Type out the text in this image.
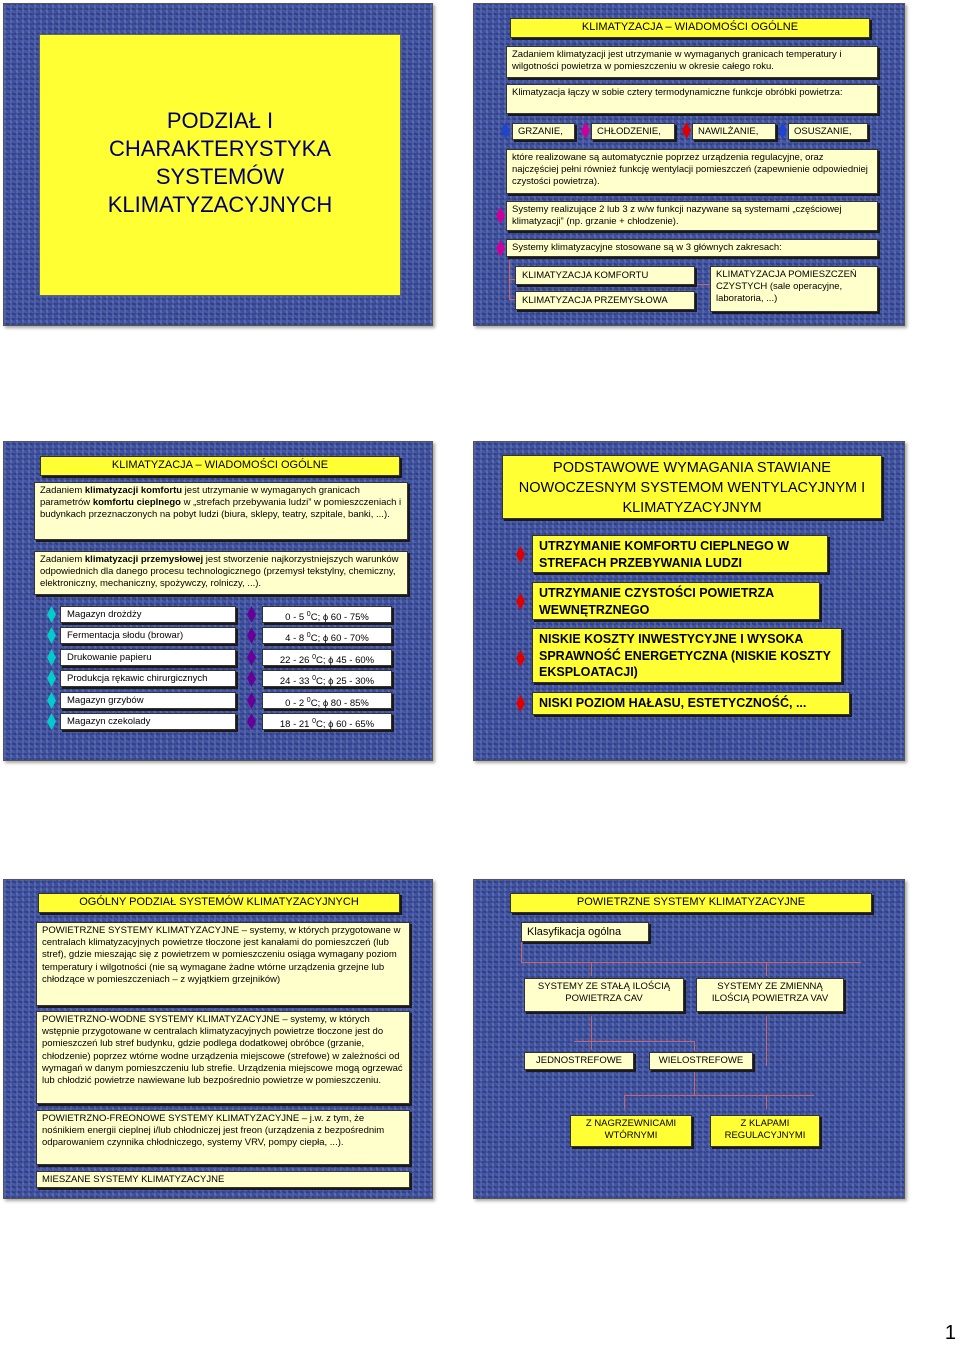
PODZIAŁ I CHARAKTERYSTYKA SYSTEMÓW KLIMATYZACYJNYCH
KLIMATYZACJA – WIADOMOŚCI OGÓLNE
Zadaniem klimatyzacji jest utrzymanie w wymaganych granicach temperatury i wilgotności powietrza w pomieszczeniu w okresie całego roku.
Klimatyzacja łączy w sobie cztery termodynamiczne funkcje obróbki powietrza:
GRZANIE,	CHŁODZENIE,	NAWILŻANIE,	OSUSZANIE,
które realizowane są automatycznie poprzez urządzenia regulacyjne, oraz najczęściej pełni również funkcję wentylacji pomieszczeń (zapewnienie odpowiedniej czystości powietrza).
Systemy realizujące 2 lub 3 z w/w funkcji nazywane są systemami „częściowej klimatyzacji” (np. grzanie + chłodzenie).
Systemy klimatyzacyjne stosowane są w 3 głównych zakresach:
KLIMATYZACJA KOMFORTU
KLIMATYZACJA PRZEMYSŁOWA
KLIMATYZACJA POMIESZCZEŃ CZYSTYCH (sale operacyjne, laboratoria, ...)
KLIMATYZACJA – WIADOMOŚCI OGÓLNE
Zadaniem klimatyzacji komfortu jest utrzymanie w wymaganych granicach parametrów komfortu cieplnego w „strefach przebywania ludzi” w pomieszczeniach i budynkach przeznaczonych na pobyt ludzi (biura, sklepy, teatry, szpitale, banki, ...).
Zadaniem klimatyzacji przemysłowej jest stworzenie najkorzystniejszych warunków odpowiednich dla danego procesu technologicznego (przemysł tekstylny, chemiczny, elektroniczny, mechaniczny, spożywczy, rolniczy, ...).
Magazyn drożdży	0 - 5 $^0$C; ϕ 60 - 75%
Fermentacja słodu (browar)	4 - 8 $^0$C; ϕ 60 - 70%
Drukowanie papieru	22 - 26 $^0$C; ϕ 45 - 60%
Produkcja rękawic chirurgicznych	24 - 33 $^0$C; ϕ 25 - 30%
Magazyn grzybów	0 - 2 $^0$C; ϕ 80 - 85%
Magazyn czekolady	18 - 21 $^0$C; ϕ 60 - 65%
PODSTAWOWE WYMAGANIA STAWIANE NOWOCZESNYM SYSTEMOM WENTYLACYJNYM I KLIMATYZACYJNYM
UTRZYMANIE KOMFORTU CIEPLNEGO W STREFACH PRZEBYWANIA LUDZI
UTRZYMANIE CZYSTOŚCI POWIETRZA WEWNĘTRZNEGO
NISKIE KOSZTY INWESTYCYJNE I WYSOKA SPRAWNOŚĆ ENERGETYCZNA (NISKIE KOSZTY EKSPLOATACJI)
NISKI POZIOM HAŁASU, ESTETYCZNOŚĆ, ...
OGÓLNY PODZIAŁ SYSTEMÓW KLIMATYZACYJNYCH
POWIETRZNE SYSTEMY KLIMATYZACYJNE – systemy, w których przygotowane w centralach klimatyzacyjnych powietrze tłoczone jest kanałami do pomieszczeń (lub stref), gdzie mieszając się z powietrzem w pomieszczeniu osiąga wymagany poziom temperatury i wilgotności (nie są wymagane żadne wtórne urządzenia grzejne lub chłodzące w pomieszczeniach – z wyjątkiem grzejników)
POWIETRZNO-WODNE SYSTEMY KLIMATYZACYJNE – systemy, w których wstępnie przygotowane w centralach klimatyzacyjnych powietrze tłoczone jest do pomieszczeń lub stref budynku, gdzie podlega dodatkowej obróbce (grzanie, chłodzenie) poprzez wtórne wodne urządzenia miejscowe (strefowe) w zależności od wymagań w danym pomieszczeniu lub strefie. Urządzenia miejscowe mogą ogrzewać lub chłodzić powietrze nawiewane lub bezpośrednio powietrze w pomieszczeniu.
POWIETRZNO-FREONOWE SYSTEMY KLIMATYZACYJNE – j.w. z tym, że nośnikiem energii cieplnej i/lub chłodniczej jest freon (urządzenia z bezpośrednim odparowaniem czynnika chłodniczego, systemy VRV, pompy ciepła, ...).
MIESZANE SYSTEMY KLIMATYZACYJNE
POWIETRZNE SYSTEMY KLIMATYZACYJNE
Klasyfikacja ogólna
SYSTEMY ZE STAŁĄ ILOŚCIĄ POWIETRZA CAV
SYSTEMY ZE ZMIENNĄ ILOŚCIĄ POWIETRZA VAV
JEDNOSTREFOWE	WIELOSTREFOWE
Z NAGRZEWNICAMI WTÓRNYMI
Z KLAPAMI REGULACYJNYMI
1
